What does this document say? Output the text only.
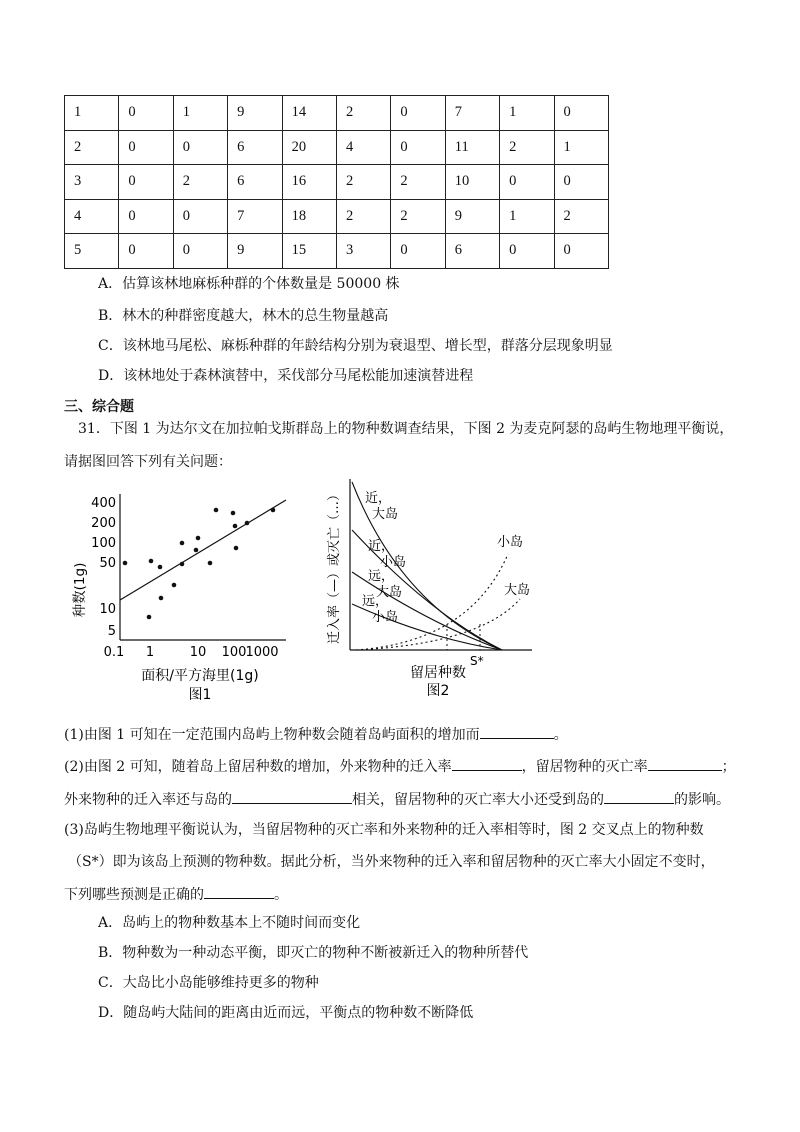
1	0	1	9	14	2	0	7	1	0
2	0	0	6	20	4	0	11	2	1
3	0	2	6	16	2	2	10	0	0
4	0	0	7	18	2	2	9	1	2
5	0	0	9	15	3	0	6	0	0
A．估算该林地麻栎种群的个体数量是 50000 株
B．林木的种群密度越大，林木的总生物量越高
C．该林地马尾松、麻栎种群的年龄结构分别为衰退型、增长型，群落分层现象明显
D．该林地处于森林演替中，采伐部分马尾松能加速演替进程
三、综合题
31．下图 1 为达尔文在加拉帕戈斯群岛上的物种数调查结果，下图 2 为麦克阿瑟的岛屿生物地理平衡说，
请据图回答下列有关问题：
400
200
100
50
10
5
0.1 1	10 100 1000
种数(1g)
面积/平方海里(1g)
图1
近，
大岛
近，
小岛
远，
大岛
远，
小岛
小岛
大岛
S*
迁入率（—）或灭亡（…）
留居种数
图2
(1)由图 1 可知在一定范围内岛屿上物种数会随着岛屿面积的增加而	。
(2)由图 2 可知，随着岛上留居种数的增加，外来物种的迁入率	，留居物种的灭亡率	；
外来物种的迁入率还与岛的	相关，留居物种的灭亡率大小还受到岛的	的影响。
(3)岛屿生物地理平衡说认为，当留居物种的灭亡率和外来物种的迁入率相等时，图 2 交叉点上的物种数
（S*）即为该岛上预测的物种数。据此分析，当外来物种的迁入率和留居物种的灭亡率大小固定不变时，
下列哪些预测是正确的	。
A．岛屿上的物种数基本上不随时间而变化
B．物种数为一种动态平衡，即灭亡的物种不断被新迁入的物种所替代
C．大岛比小岛能够维持更多的物种
D．随岛屿大陆间的距离由近而远，平衡点的物种数不断降低
